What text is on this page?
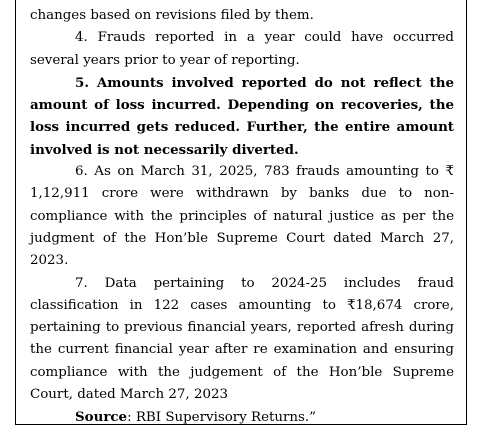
changes based on revisions filed by them.

4. Frauds reported in a year could have occurred several years prior to year of reporting.

5. Amounts involved reported do not reflect the amount of loss incurred. Depending on recoveries, the loss incurred gets reduced. Further, the entire amount involved is not necessarily diverted.

6. As on March 31, 2025, 783 frauds amounting to ₹ 1,12,911 crore were withdrawn by banks due to non-compliance with the principles of natural justice as per the judgment of the Hon’ble Supreme Court dated March 27, 2023.

7. Data pertaining to 2024-25 includes fraud classification in 122 cases amounting to ₹18,674 crore, pertaining to previous financial years, reported afresh during the current financial year after re examination and ensuring compliance with the judgement of the Hon’ble Supreme Court, dated March 27, 2023

Source: RBI Supervisory Returns.”
